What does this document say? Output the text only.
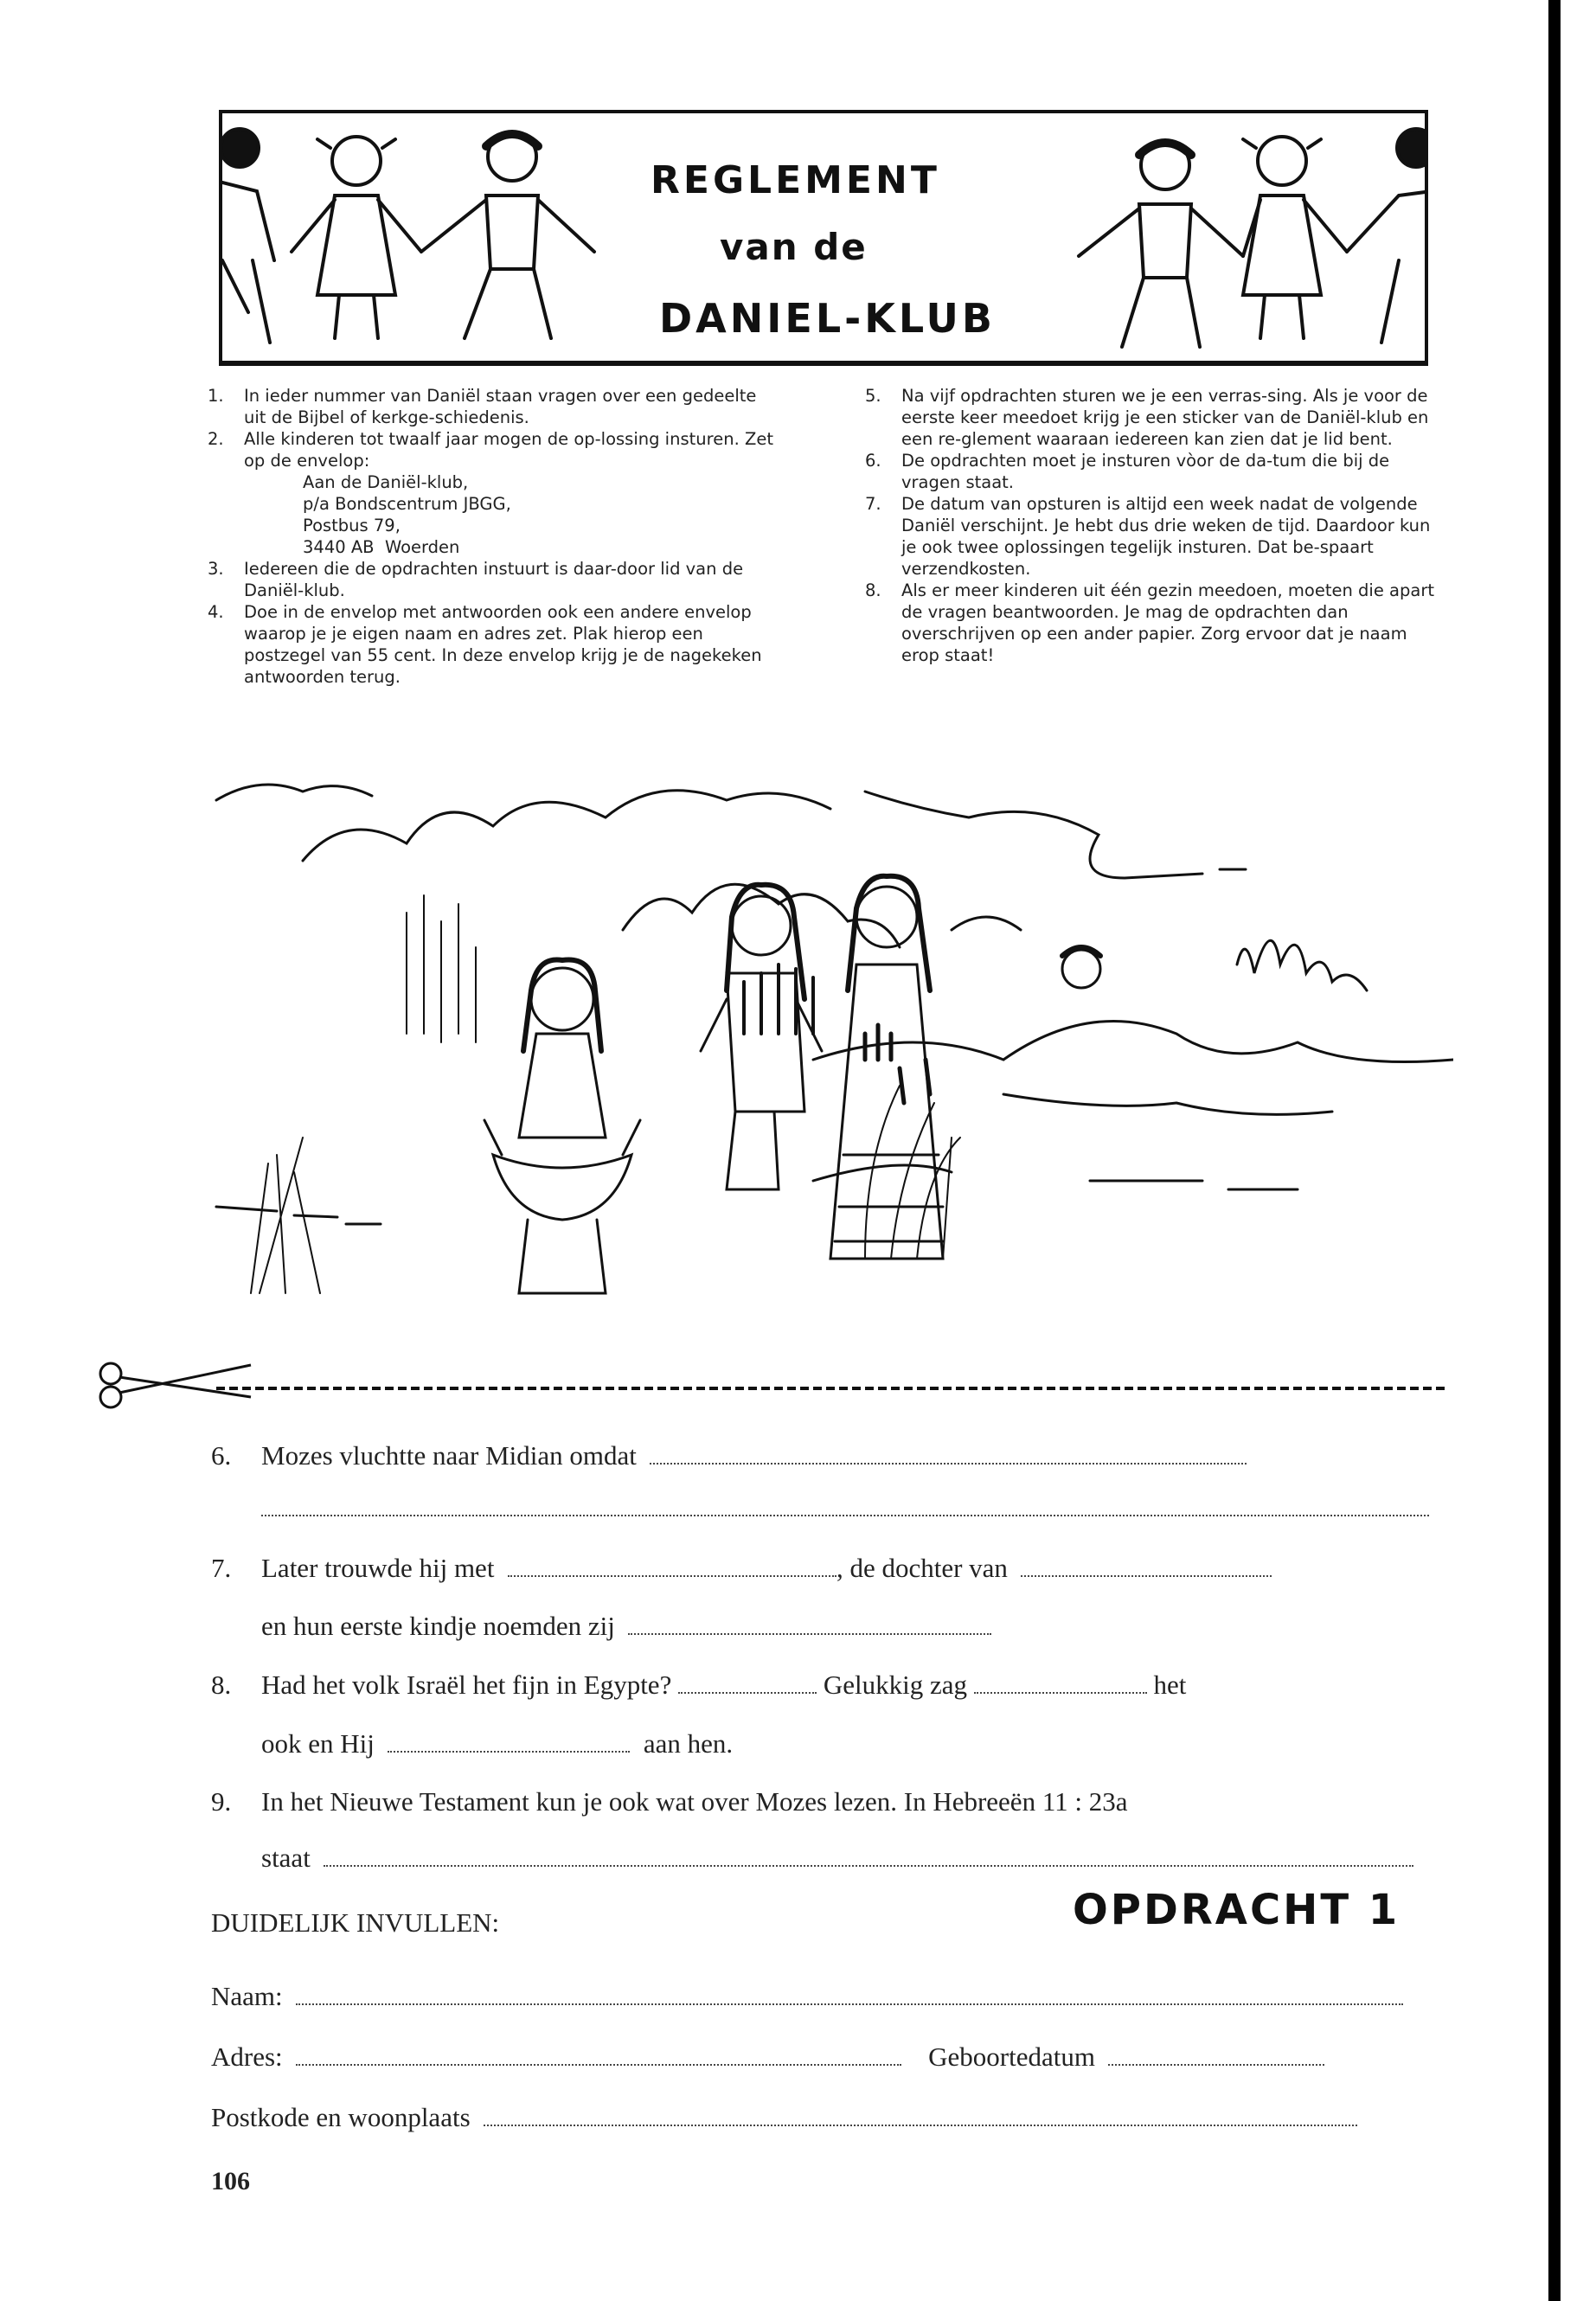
REGLEMENT
van de
DANIEL-KLUB
1. In ieder nummer van Daniël staan vragen over een gedeelte uit de Bijbel of kerkge-schiedenis.
2. Alle kinderen tot twaalf jaar mogen de op-lossing insturen. Zet op de envelop:
Aan de Daniël-klub,
p/a Bondscentrum JBGG,
Postbus 79,
3440 AB  Woerden
3. Iedereen die de opdrachten instuurt is daar-door lid van de Daniël-klub.
4. Doe in de envelop met antwoorden ook een andere envelop waarop je je eigen naam en adres zet. Plak hierop een postzegel van 55 cent. In deze envelop krijg je de nagekeken antwoorden terug.
5. Na vijf opdrachten sturen we je een verras-sing. Als je voor de eerste keer meedoet krijg je een sticker van de Daniël-klub en een re-glement waaraan iedereen kan zien dat je lid bent.
6. De opdrachten moet je insturen vòor de da-tum die bij de vragen staat.
7. De datum van opsturen is altijd een week nadat de volgende Daniël verschijnt. Je hebt dus drie weken de tijd. Daardoor kun je ook twee oplossingen tegelijk insturen. Dat be-spaart verzendkosten.
8. Als er meer kinderen uit één gezin meedoen, moeten die apart de vragen beantwoorden. Je mag de opdrachten dan overschrijven op een ander papier. Zorg ervoor dat je naam erop staat!
6. Mozes vluchtte naar Midian omdat
7. Later trouwde hij met	, de dochter van
en hun eerste kindje noemden zij
8. Had het volk Israël het fijn in Egypte?	Gelukkig zag	het
ook en Hij	aan hen.
9. In het Nieuwe Testament kun je ook wat over Mozes lezen. In Hebreeën 11 : 23a
staat
DUIDELIJK INVULLEN:	OPDRACHT 1
Naam:
Adres:	Geboortedatum
Postkode en woonplaats
106
